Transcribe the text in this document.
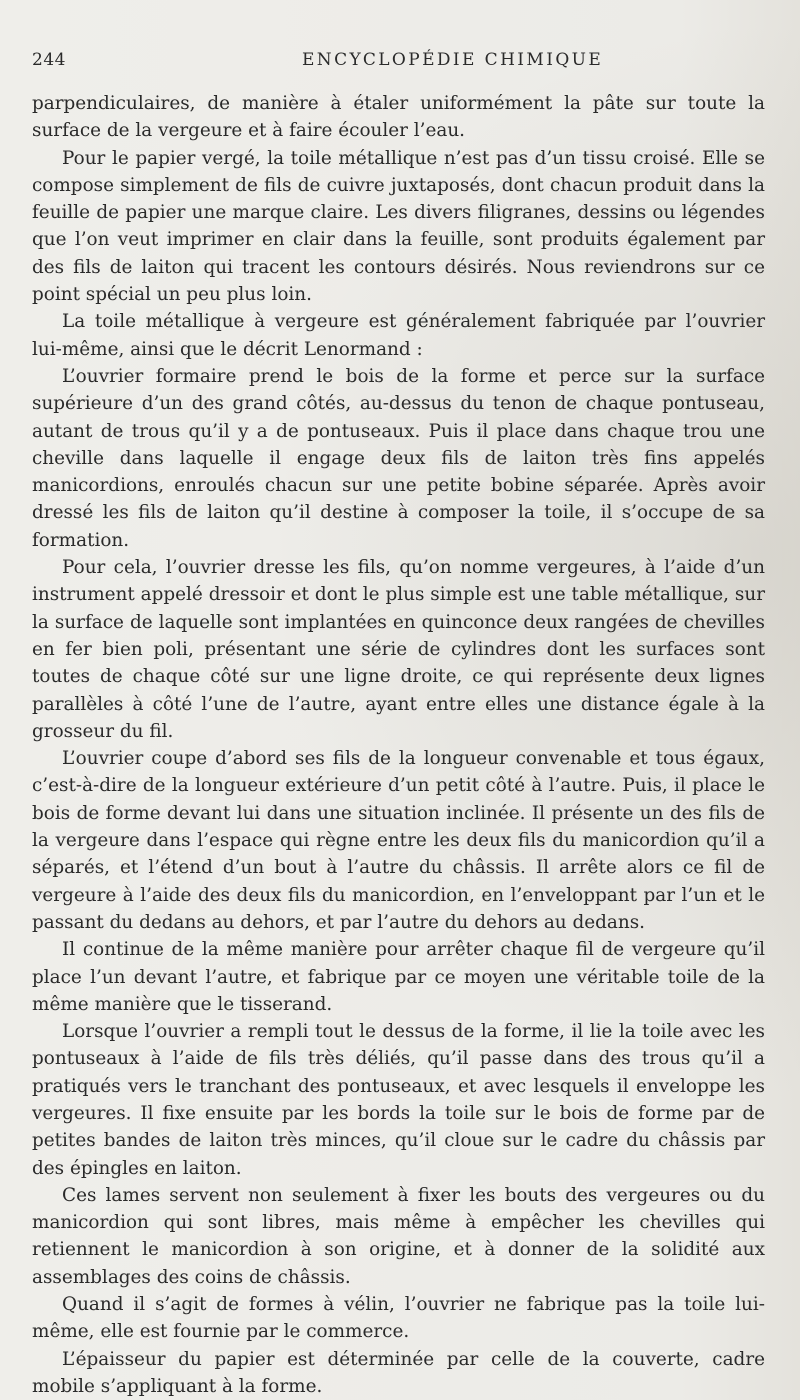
244	ENCYCLOPÉDIE CHIMIQUE

parpendiculaires, de manière à étaler uniformément la pâte sur toute la surface de la vergeure et à faire écouler l’eau.

Pour le papier vergé, la toile métallique n’est pas d’un tissu croisé. Elle se compose simplement de fils de cuivre juxtaposés, dont chacun produit dans la feuille de papier une marque claire. Les divers filigranes, dessins ou légendes que l’on veut imprimer en clair dans la feuille, sont produits également par des fils de laiton qui tracent les contours désirés. Nous reviendrons sur ce point spécial un peu plus loin.

La toile métallique à vergeure est généralement fabriquée par l’ouvrier lui-même, ainsi que le décrit Lenormand :

L’ouvrier formaire prend le bois de la forme et perce sur la surface supérieure d’un des grand côtés, au-dessus du tenon de chaque pontuseau, autant de trous qu’il y a de pontuseaux. Puis il place dans chaque trou une cheville dans laquelle il engage deux fils de laiton très fins appelés manicordions, enroulés chacun sur une petite bobine séparée. Après avoir dressé les fils de laiton qu’il destine à composer la toile, il s’occupe de sa formation.

Pour cela, l’ouvrier dresse les fils, qu’on nomme vergeures, à l’aide d’un instrument appelé dressoir et dont le plus simple est une table métallique, sur la surface de laquelle sont implantées en quinconce deux rangées de chevilles en fer bien poli, présentant une série de cylindres dont les surfaces sont toutes de chaque côté sur une ligne droite, ce qui représente deux lignes parallèles à côté l’une de l’autre, ayant entre elles une distance égale à la grosseur du fil.

L’ouvrier coupe d’abord ses fils de la longueur convenable et tous égaux, c’est-à-dire de la longueur extérieure d’un petit côté à l’autre. Puis, il place le bois de forme devant lui dans une situation inclinée. Il présente un des fils de la vergeure dans l’espace qui règne entre les deux fils du manicordion qu’il a séparés, et l’étend d’un bout à l’autre du châssis. Il arrête alors ce fil de vergeure à l’aide des deux fils du manicordion, en l’enveloppant par l’un et le passant du dedans au dehors, et par l’autre du dehors au dedans.

Il continue de la même manière pour arrêter chaque fil de vergeure qu’il place l’un devant l’autre, et fabrique par ce moyen une véritable toile de la même manière que le tisserand.

Lorsque l’ouvrier a rempli tout le dessus de la forme, il lie la toile avec les pontuseaux à l’aide de fils très déliés, qu’il passe dans des trous qu’il a pratiqués vers le tranchant des pontuseaux, et avec lesquels il enveloppe les vergeures. Il fixe ensuite par les bords la toile sur le bois de forme par de petites bandes de laiton très minces, qu’il cloue sur le cadre du châssis par des épingles en laiton.

Ces lames servent non seulement à fixer les bouts des vergeures ou du manicordion qui sont libres, mais même à empêcher les chevilles qui retiennent le manicordion à son origine, et à donner de la solidité aux assemblages des coins de châssis.

Quand il s’agit de formes à vélin, l’ouvrier ne fabrique pas la toile lui-même, elle est fournie par le commerce.

L’épaisseur du papier est déterminée par celle de la couverte, cadre mobile s’appliquant à la forme.
